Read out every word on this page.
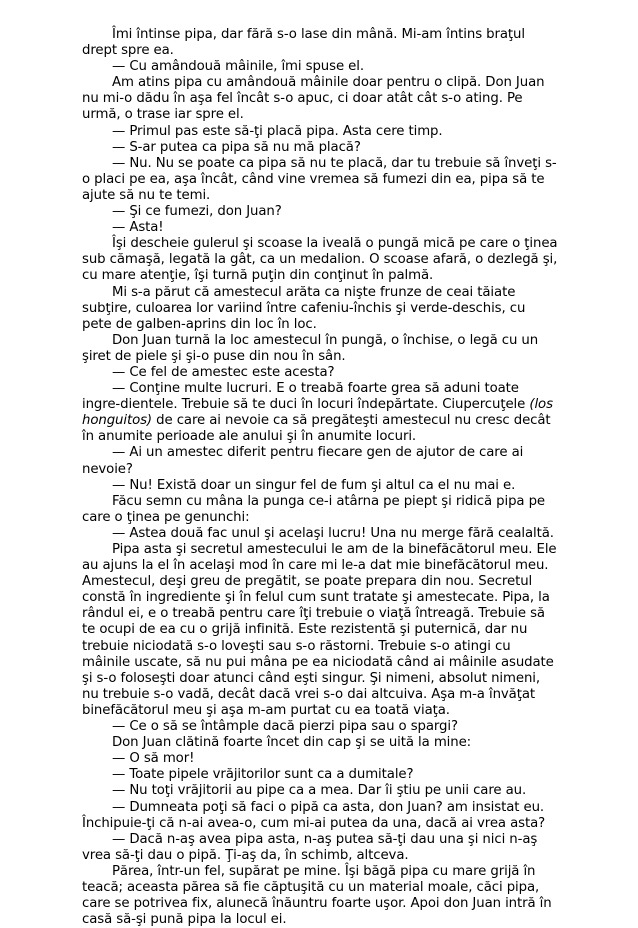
Îmi întinse pipa, dar fără s-o lase din mână. Mi-am întins braţul drept spre ea.

— Cu amândouă mâinile, îmi spuse el.

Am atins pipa cu amândouă mâinile doar pentru o clipă. Don Juan nu mi-o dădu în aşa fel încât s-o apuc, ci doar atât cât s-o ating. Pe urmă, o trase iar spre el.

— Primul pas este să-ţi placă pipa. Asta cere timp.

— S-ar putea ca pipa să nu mă placă?

— Nu. Nu se poate ca pipa să nu te placă, dar tu trebuie să înveţi s-o placi pe ea, aşa încât, când vine vremea să fumezi din ea, pipa să te ajute să nu te temi.

— Şi ce fumezi, don Juan?

— Asta!

Îşi descheie gulerul şi scoase la iveală o pungă mică pe care o ţinea sub cămaşă, legată la gât, ca un medalion. O scoase afară, o dezlegă şi, cu mare atenţie, îşi turnă puţin din conţinut în palmă.

Mi s-a părut că amestecul arăta ca nişte frunze de ceai tăiate subţire, culoarea lor variind între cafeniu-închis şi verde-deschis, cu pete de galben-aprins din loc în loc.

Don Juan turnă la loc amestecul în pungă, o închise, o legă cu un şiret de piele şi şi-o puse din nou în sân.

— Ce fel de amestec este acesta?

— Conţine multe lucruri. E o treabă foarte grea să aduni toate ingre-dientele. Trebuie să te duci în locuri îndepărtate. Ciupercuţele (los honguitos) de care ai nevoie ca să pregăteşti amestecul nu cresc decât în anumite perioade ale anului şi în anumite locuri.

— Ai un amestec diferit pentru fiecare gen de ajutor de care ai nevoie?

— Nu! Există doar un singur fel de fum şi altul ca el nu mai e.

Făcu semn cu mâna la punga ce-i atârna pe piept şi ridică pipa pe care o ţinea pe genunchi:

— Astea două fac unul şi acelaşi lucru! Una nu merge fără cealaltă.

Pipa asta şi secretul amestecului le am de la binefăcătorul meu. Ele au ajuns la el în acelaşi mod în care mi le-a dat mie binefăcătorul meu. Amestecul, deşi greu de pregătit, se poate prepara din nou. Secretul constă în ingrediente şi în felul cum sunt tratate şi amestecate. Pipa, la rândul ei, e o treabă pentru care îţi trebuie o viaţă întreagă. Trebuie să te ocupi de ea cu o grijă infinită. Este rezistentă şi puternică, dar nu trebuie niciodată s-o loveşti sau s-o răstorni. Trebuie s-o atingi cu mâinile uscate, să nu pui mâna pe ea niciodată când ai mâinile asudate şi s-o foloseşti doar atunci când eşti singur. Şi nimeni, absolut nimeni, nu trebuie s-o vadă, decât dacă vrei s-o dai altcuiva. Aşa m-a învăţat binefăcătorul meu şi aşa m-am purtat cu ea toată viaţa.

— Ce o să se întâmple dacă pierzi pipa sau o spargi?

Don Juan clătină foarte încet din cap şi se uită la mine:

— O să mor!

— Toate pipele vrăjitorilor sunt ca a dumitale?

— Nu toţi vrăjitorii au pipe ca a mea. Dar îi ştiu pe unii care au.

— Dumneata poţi să faci o pipă ca asta, don Juan? am insistat eu. Închipuie-ţi că n-ai avea-o, cum mi-ai putea da una, dacă ai vrea asta?

— Dacă n-aş avea pipa asta, n-aş putea să-ţi dau una şi nici n-aş vrea să-ţi dau o pipă. Ţi-aş da, în schimb, altceva.

Părea, într-un fel, supărat pe mine. Îşi băgă pipa cu mare grijă în teacă; aceasta părea să fie căptuşită cu un material moale, căci pipa, care se potrivea fix, alunecă înăuntru foarte uşor. Apoi don Juan intră în casă să-şi pună pipa la locul ei.
